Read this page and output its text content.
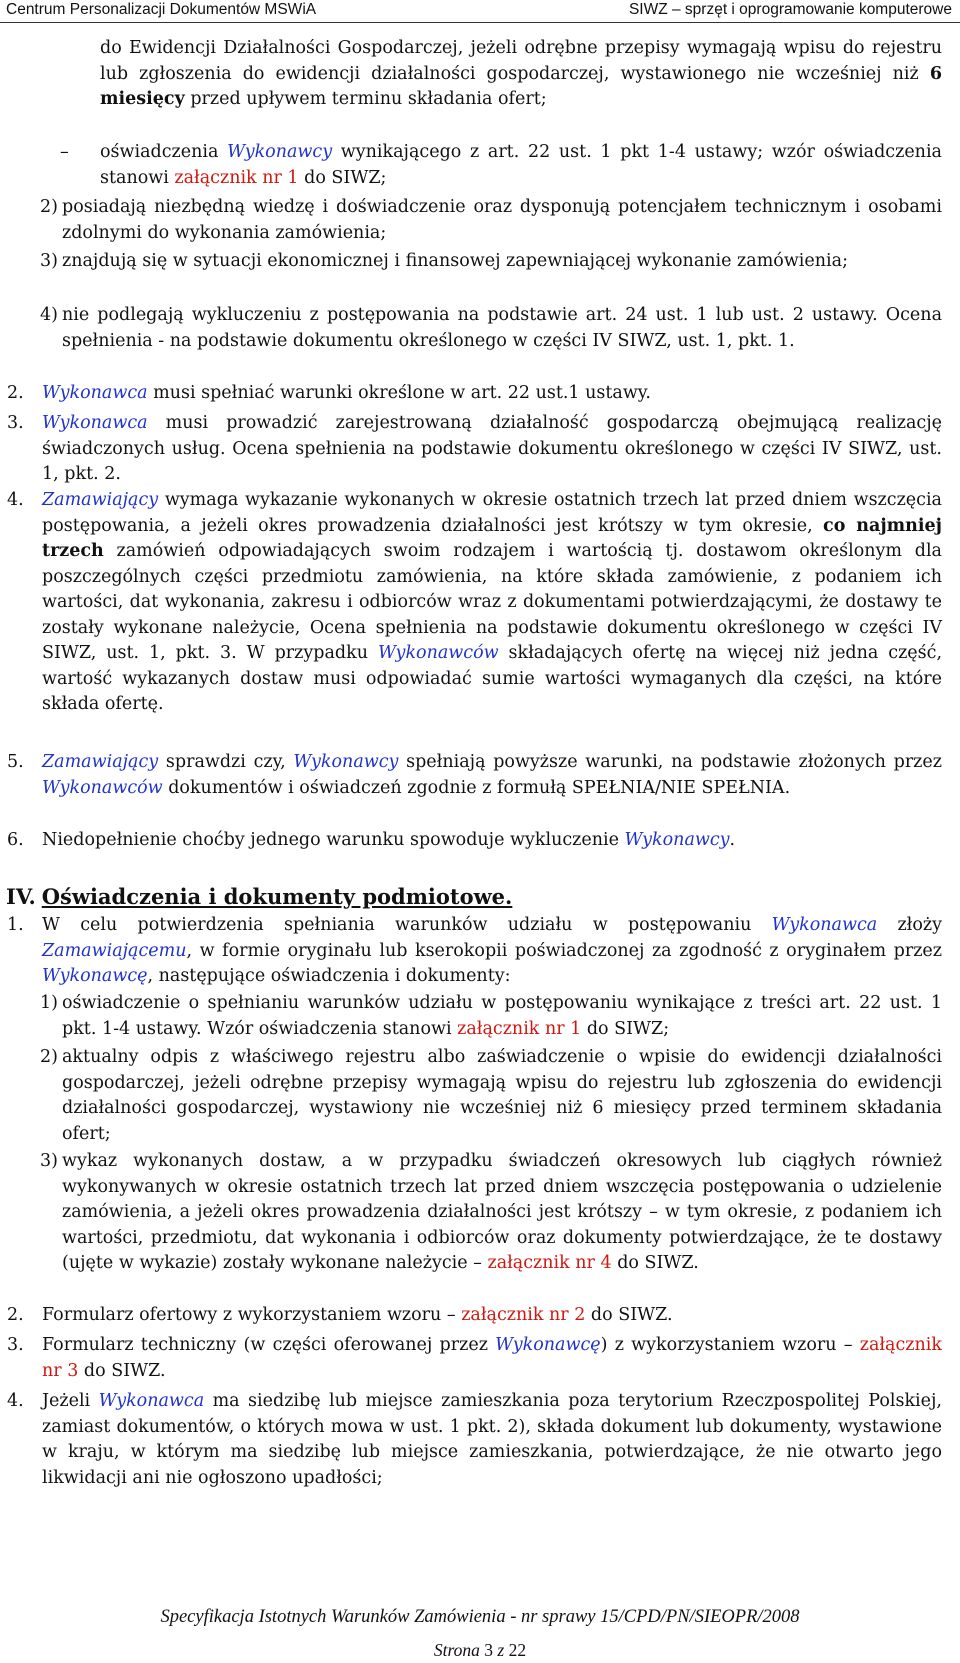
Centrum Personalizacji Dokumentów MSWiA	SIWZ – sprzęt i oprogramowanie komputerowe
do Ewidencji Działalności Gospodarczej, jeżeli odrębne przepisy wymagają wpisu do rejestru lub zgłoszenia do ewidencji działalności gospodarczej, wystawionego nie wcześniej niż 6 miesięcy przed upływem terminu składania ofert;
– oświadczenia Wykonawcy wynikającego z art. 22 ust. 1 pkt 1-4 ustawy; wzór oświadczenia stanowi załącznik nr 1 do SIWZ;
2) posiadają niezbędną wiedzę i doświadczenie oraz dysponują potencjałem technicznym i osobami zdolnymi do wykonania zamówienia;
3) znajdują się w sytuacji ekonomicznej i finansowej zapewniającej wykonanie zamówienia;
4) nie podlegają wykluczeniu z postępowania na podstawie art. 24 ust. 1 lub ust. 2 ustawy. Ocena spełnienia - na podstawie dokumentu określonego w części IV SIWZ, ust. 1, pkt. 1.
2. Wykonawca musi spełniać warunki określone w art. 22 ust.1 ustawy.
3. Wykonawca musi prowadzić zarejestrowaną działalność gospodarczą obejmującą realizację świadczonych usług. Ocena spełnienia na podstawie dokumentu określonego w części IV SIWZ, ust. 1, pkt. 2.
4. Zamawiający wymaga wykazanie wykonanych w okresie ostatnich trzech lat przed dniem wszczęcia postępowania, a jeżeli okres prowadzenia działalności jest krótszy w tym okresie, co najmniej trzech zamówień odpowiadających swoim rodzajem i wartością tj. dostawom określonym dla poszczególnych części przedmiotu zamówienia, na które składa zamówienie, z podaniem ich wartości, dat wykonania, zakresu i odbiorców wraz z dokumentami potwierdzającymi, że dostawy te zostały wykonane należycie, Ocena spełnienia na podstawie dokumentu określonego w części IV SIWZ, ust. 1, pkt. 3. W przypadku Wykonawców składających ofertę na więcej niż jedna część, wartość wykazanych dostaw musi odpowiadać sumie wartości wymaganych dla części, na które składa ofertę.
5. Zamawiający sprawdzi czy, Wykonawcy spełniają powyższe warunki, na podstawie złożonych przez Wykonawców dokumentów i oświadczeń zgodnie z formułą SPEŁNIA/NIE SPEŁNIA.
6. Niedopełnienie choćby jednego warunku spowoduje wykluczenie Wykonawcy.
IV. Oświadczenia i dokumenty podmiotowe.
1. W celu potwierdzenia spełniania warunków udziału w postępowaniu Wykonawca złoży Zamawiającemu, w formie oryginału lub kserokopii poświadczonej za zgodność z oryginałem przez Wykonawcę, następujące oświadczenia i dokumenty:
1) oświadczenie o spełnianiu warunków udziału w postępowaniu wynikające z treści art. 22 ust. 1 pkt. 1-4 ustawy. Wzór oświadczenia stanowi załącznik nr 1 do SIWZ;
2) aktualny odpis z właściwego rejestru albo zaświadczenie o wpisie do ewidencji działalności gospodarczej, jeżeli odrębne przepisy wymagają wpisu do rejestru lub zgłoszenia do ewidencji działalności gospodarczej, wystawiony nie wcześniej niż 6 miesięcy przed terminem składania ofert;
3) wykaz wykonanych dostaw, a w przypadku świadczeń okresowych lub ciągłych również wykonywanych w okresie ostatnich trzech lat przed dniem wszczęcia postępowania o udzielenie zamówienia, a jeżeli okres prowadzenia działalności jest krótszy – w tym okresie, z podaniem ich wartości, przedmiotu, dat wykonania i odbiorców oraz dokumenty potwierdzające, że te dostawy (ujęte w wykazie) zostały wykonane należycie – załącznik nr 4 do SIWZ.
2. Formularz ofertowy z wykorzystaniem wzoru – załącznik nr 2 do SIWZ.
3. Formularz techniczny (w części oferowanej przez Wykonawcę) z wykorzystaniem wzoru – załącznik nr 3 do SIWZ.
4. Jeżeli Wykonawca ma siedzibę lub miejsce zamieszkania poza terytorium Rzeczpospolitej Polskiej, zamiast dokumentów, o których mowa w ust. 1 pkt. 2), składa dokument lub dokumenty, wystawione w kraju, w którym ma siedzibę lub miejsce zamieszkania, potwierdzające, że nie otwarto jego likwidacji ani nie ogłoszono upadłości;
Specyfikacja Istotnych Warunków Zamówienia - nr sprawy 15/CPD/PN/SIEOPR/2008
Strona 3 z 22
